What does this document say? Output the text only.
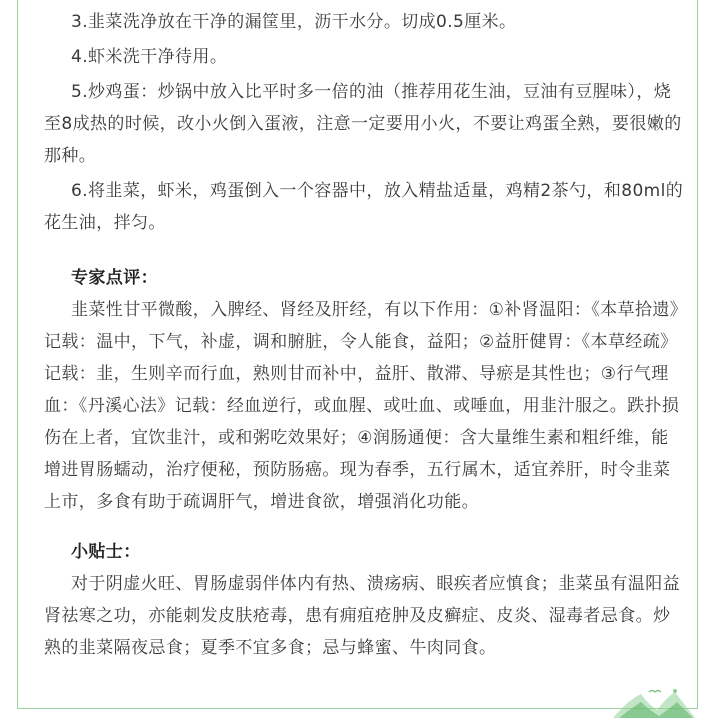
3.韭菜洗净放在干净的漏筐里，沥干水分。切成0.5厘米。

4.虾米洗干净待用。

5.炒鸡蛋：炒锅中放入比平时多一倍的油（推荐用花生油，豆油有豆腥味），烧至8成热的时候，改小火倒入蛋液，注意一定要用小火，不要让鸡蛋全熟，要很嫩的那种。

6.将韭菜，虾米，鸡蛋倒入一个容器中，放入精盐适量，鸡精2茶勺，和80ml的花生油，拌匀。

专家点评：

韭菜性甘平微酸，入脾经、肾经及肝经，有以下作用：①补肾温阳：《本草拾遗》记载：温中，下气，补虚，调和腑脏，令人能食，益阳；②益肝健胃：《本草经疏》记载：韭，生则辛而行血，熟则甘而补中，益肝、散滞、导瘀是其性也；③行气理血：《丹溪心法》记载：经血逆行，或血腥、或吐血、或唾血，用韭汁服之。跌扑损伤在上者，宜饮韭汁，或和粥吃效果好；④润肠通便：含大量维生素和粗纤维，能增进胃肠蠕动，治疗便秘，预防肠癌。现为春季，五行属木，适宜养肝，时令韭菜上市，多食有助于疏调肝气，增进食欲，增强消化功能。

小贴士：

对于阴虚火旺、胃肠虚弱伴体内有热、溃疡病、眼疾者应慎食；韭菜虽有温阳益肾祛寒之功，亦能刺发皮肤疮毒，患有痈疽疮肿及皮癣症、皮炎、湿毒者忌食。炒熟的韭菜隔夜忌食；夏季不宜多食；忌与蜂蜜、牛肉同食。
